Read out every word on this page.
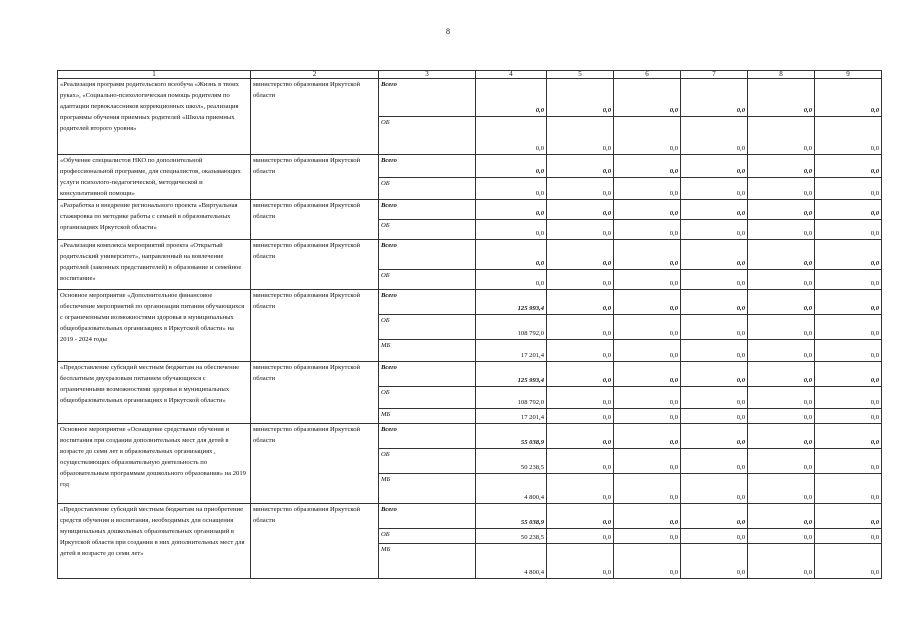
8
1	2	3	4	5	6	7	8	9
«Реализация программ родительского всеобуча «Жизнь в твоих руках», «Социально-психологическая помощь родителям по адаптации первоклассников коррекционных школ», реализация программы обучения приемных родителей «Школа приемных родителей второго уровня»	министерство образования Иркутской области	Всего	0,0	0,0	0,0	0,0	0,0	0,0
		ОБ	0,0	0,0	0,0	0,0	0,0	0,0
«Обучение специалистов НКО по дополнительной профессиональной программе, для специалистов, оказывающих услуги психолого-педагогической, методической и консультативной помощи»	министерство образования Иркутской области	Всего	0,0	0,0	0,0	0,0	0,0	0,0
		ОБ	0,0	0,0	0,0	0,0	0,0	0,0
«Разработка и внедрение регионального проекта «Виртуальная стажировка по методике работы с семьей в образовательных организациях Иркутской области»	министерство образования Иркутской области	Всего	0,0	0,0	0,0	0,0	0,0	0,0
		ОБ	0,0	0,0	0,0	0,0	0,0	0,0
«Реализация комплекса мероприятий проекта «Открытый родительский университет», направленный на вовлечение родителей (законных представителей) в образование и семейное воспитание»	министерство образования Иркутской области	Всего	0,0	0,0	0,0	0,0	0,0	0,0
		ОБ	0,0	0,0	0,0	0,0	0,0	0,0
Основное мероприятие «Дополнительное финансовое обеспечение мероприятий по организации питания обучающихся с ограниченными возможностями здоровья в муниципальных общеобразовательных организациях в Иркутской области» на 2019 - 2024 годы	министерство образования Иркутской области	Всего	125 993,4	0,0	0,0	0,0	0,0	0,0
		ОБ	108 792,0	0,0	0,0	0,0	0,0	0,0
		МБ	17 201,4	0,0	0,0	0,0	0,0	0,0
«Предоставление субсидий местным бюджетам на обеспечение бесплатным двухразовым питанием обучающихся с ограниченными возможностями здоровья в муниципальных общеобразовательных организациях в Иркутской области»	министерство образования Иркутской области	Всего	125 993,4	0,0	0,0	0,0	0,0	0,0
		ОБ	108 792,0	0,0	0,0	0,0	0,0	0,0
		МБ	17 201,4	0,0	0,0	0,0	0,0	0,0
Основное мероприятие «Оснащение средствами обучения и воспитания при создании дополнительных мест для детей в возрасте до семи лет в образовательных организациях , осуществляющих образовательную деятельность по образовательным программам дошкольного образования» на 2019 год	министерство образования Иркутской области	Всего	55 038,9	0,0	0,0	0,0	0,0	0,0
		ОБ	50 238,5	0,0	0,0	0,0	0,0	0,0
		МБ	4 800,4	0,0	0,0	0,0	0,0	0,0
«Предоставление субсидий местным бюджетам на приобретение средств обучения и воспитания, необходимых для оснащения муниципальных дошкольных образовательных организаций в Иркутской области при создании в них дополнительных мест для детей в возрасте до семи лет»	министерство образования Иркутской области	Всего	55 038,9	0,0	0,0	0,0	0,0	0,0
		ОБ	50 238,5	0,0	0,0	0,0	0,0	0,0
		МБ	4 800,4	0,0	0,0	0,0	0,0	0,0
